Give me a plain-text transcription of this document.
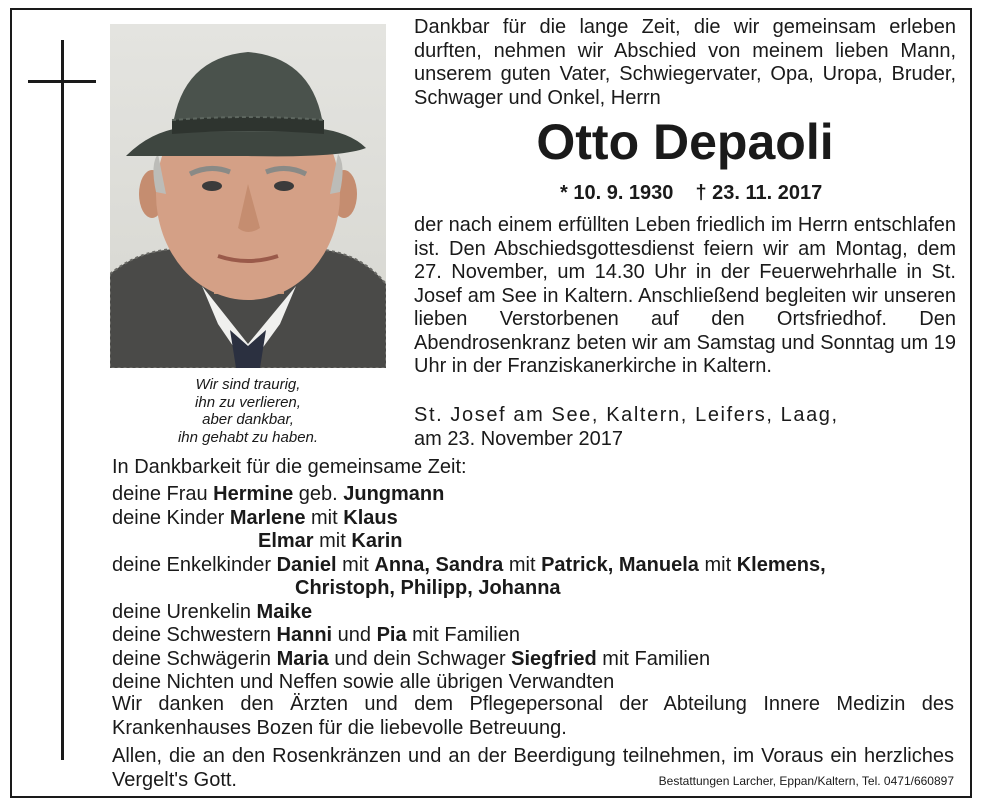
Wir sind traurig,
ihn zu verlieren,
aber dankbar,
ihn gehabt zu haben.
Dankbar für die lange Zeit, die wir gemeinsam erleben durften, nehmen wir Abschied von meinem lieben Mann, unserem guten Vater, Schwiegervater, Opa, Uropa, Bruder, Schwager und Onkel, Herrn
Otto Depaoli
* 10. 9. 1930 † 23. 11. 2017
der nach einem erfüllten Leben friedlich im Herrn entschlafen ist. Den Abschiedsgottesdienst feiern wir am Montag, dem 27. November, um 14.30 Uhr in der Feuerwehrhalle in St. Josef am See in Kaltern. Anschließend begleiten wir unseren lieben Verstorbenen auf den Ortsfriedhof. Den Abendrosenkranz beten wir am Samstag und Sonntag um 19 Uhr in der Franziskanerkirche in Kaltern.
St. Josef am See, Kaltern, Leifers, Laag,
am 23. November 2017
In Dankbarkeit für die gemeinsame Zeit:
deine Frau Hermine geb. Jungmann
deine Kinder Marlene mit Klaus
Elmar mit Karin
deine Enkelkinder Daniel mit Anna, Sandra mit Patrick, Manuela mit Klemens,
Christoph, Philipp, Johanna
deine Urenkelin Maike
deine Schwestern Hanni und Pia mit Familien
deine Schwägerin Maria und dein Schwager Siegfried mit Familien
deine Nichten und Neffen sowie alle übrigen Verwandten

Wir danken den Ärzten und dem Pflegepersonal der Abteilung Innere Medizin des Krankenhauses Bozen für die liebevolle Betreuung.

Allen, die an den Rosenkränzen und an der Beerdigung teilnehmen, im Voraus ein herzliches Vergelt's Gott.	Bestattungen Larcher, Eppan/Kaltern, Tel. 0471/660897
